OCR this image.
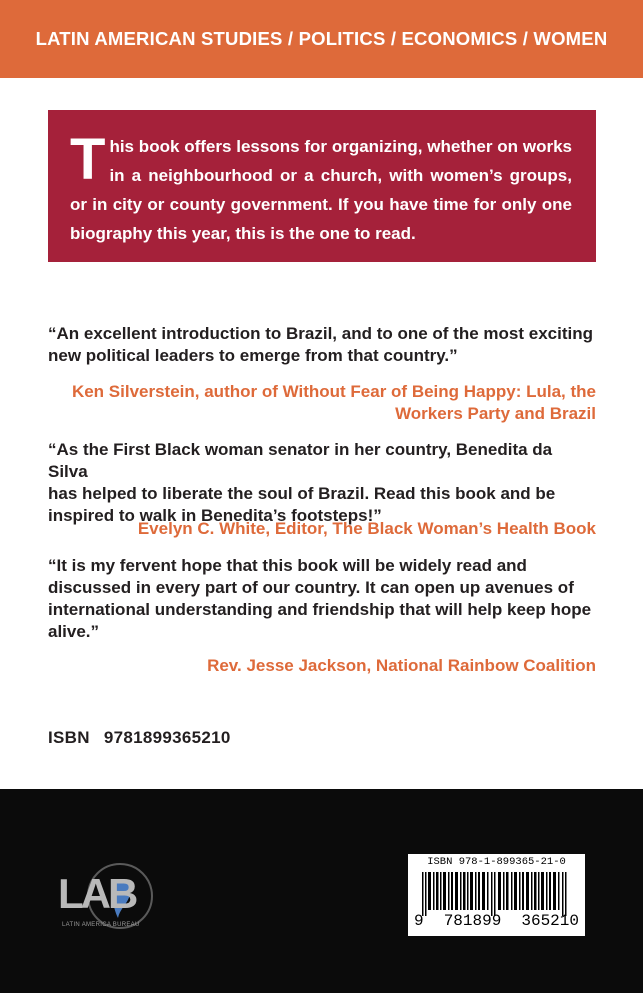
LATIN AMERICAN STUDIES / POLITICS / ECONOMICS / WOMEN
This book offers lessons for organizing, whether on works in a neighbourhood or a church, with women’s groups, or in city or county government. If you have time for only one biography this year, this is the one to read.
“An excellent introduction to Brazil, and to one of the most exciting
new political leaders to emerge from that country.”
Ken Silverstein, author of Without Fear of Being Happy: Lula, the
Workers Party and Brazil
“As the First Black woman senator in her country, Benedita da Silva
has helped to liberate the soul of Brazil. Read this book and be
inspired to walk in Benedita’s footsteps!”
Evelyn C. White, Editor, The Black Woman’s Health Book
“It is my fervent hope that this book will be widely read and
discussed in every part of our country. It can open up avenues of
international understanding and friendship that will help keep hope
alive.”
Rev. Jesse Jackson, National Rainbow Coalition
ISBN 9781899365210
LAB
LATIN AMERICA BUREAU
ISBN 978-1-899365-21-0
9 781899 365210
